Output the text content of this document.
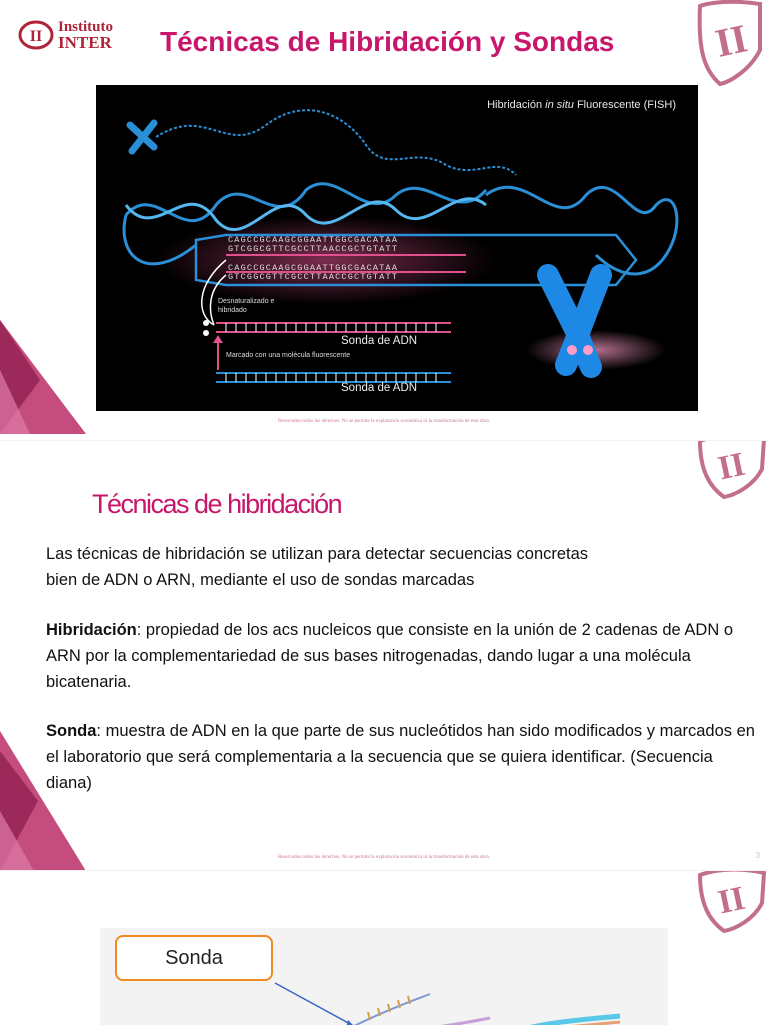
II
Instituto
INTER Técnicas de Hibridación y Sondas II
Hibridación in situ Fluorescente (FISH)
CAGCCGCAAGCGGAATTGGCGACATAA
GTCGGCGTTCGCCTTAACCGCTGTATT
CAGCCGCAAGCGGAATTGGCGACATAA
GTCGGCGTTCGCCTTAACCGCTGTATT
Desnaturalizado e
hibridado
Sonda de ADN
Marcado con una molécula fluorescente
Sonda de ADN
Reservados todos los derechos. No se permite la explotación económica ni la transformación de esta obra.
II
Técnicas de hibridación
Las técnicas de hibridación se utilizan para detectar secuencias concretas
bien de ADN o ARN, mediante el uso de sondas marcadas
Hibridación: propiedad de los acs nucleicos que consiste en la unión de 2 cadenas de ADN o ARN por la complementariedad de sus bases nitrogenadas, dando lugar a una molécula bicatenaria.
Sonda: muestra de ADN en la que parte de sus nucleótidos han sido modificados y marcados en el laboratorio que será complementaria a la secuencia que se quiera identificar. (Secuencia diana)
Reservados todos los derechos. No se permite la explotación económica ni la transformación de esta obra.	3
II
Sonda
